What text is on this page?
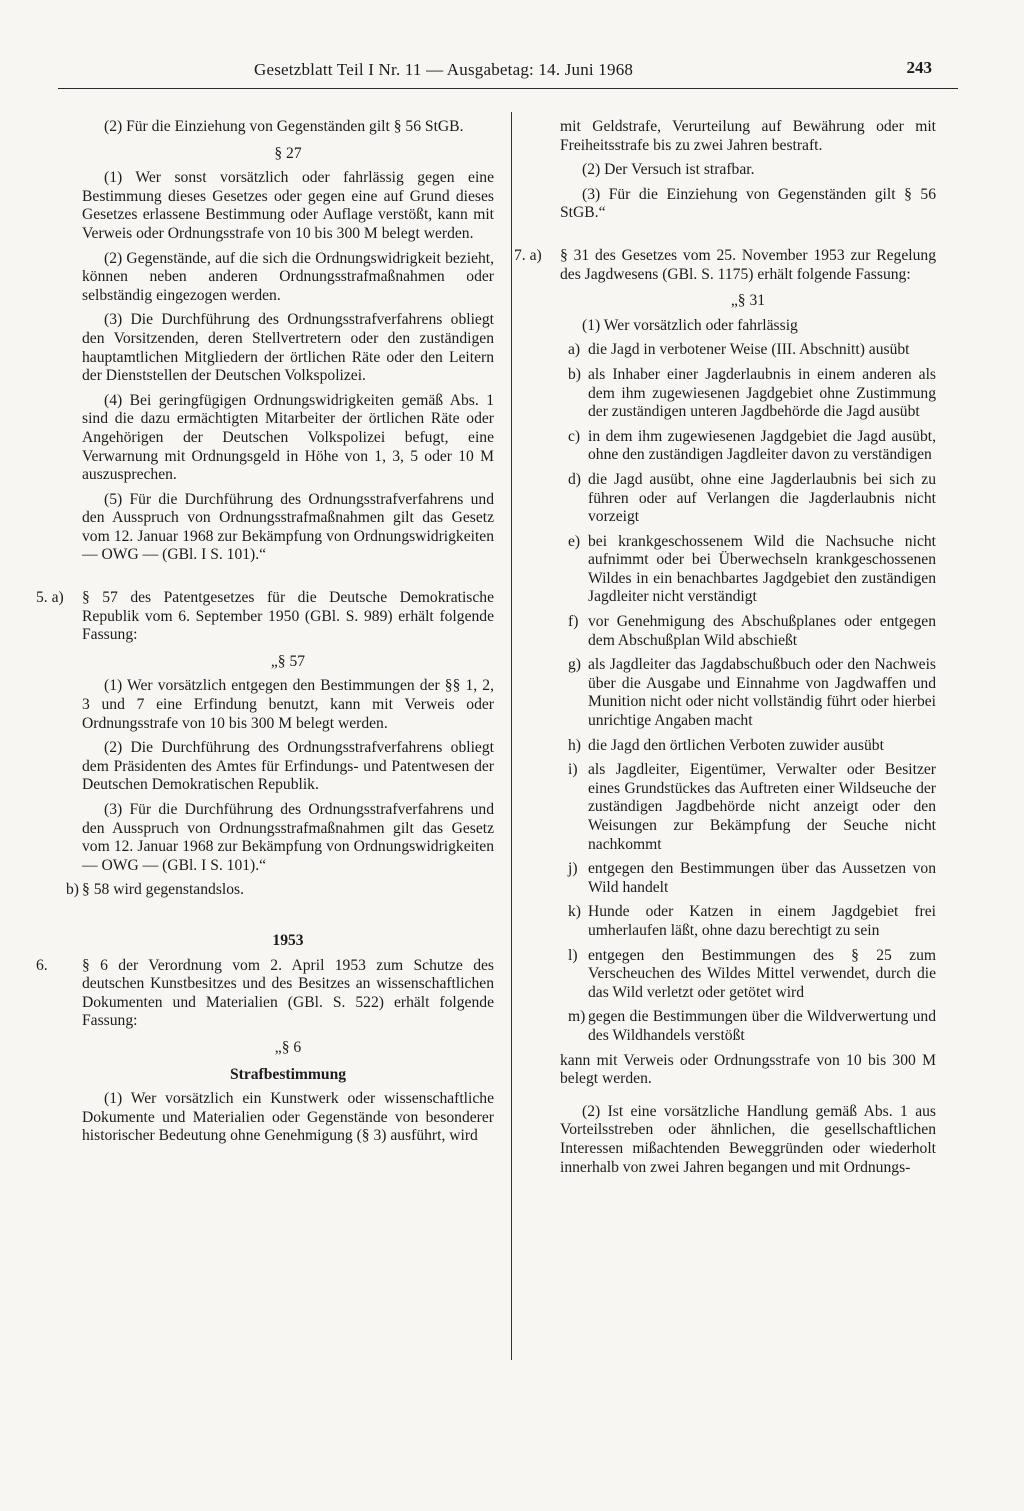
Gesetzblatt Teil I Nr. 11 — Ausgabetag: 14. Juni 1968	243

(2) Für die Einziehung von Gegenständen gilt § 56 StGB.

§ 27

(1) Wer sonst vorsätzlich oder fahrlässig gegen eine Bestimmung dieses Gesetzes oder gegen eine auf Grund dieses Gesetzes erlassene Bestimmung oder Auflage verstößt, kann mit Verweis oder Ordnungsstrafe von 10 bis 300 M belegt werden.

(2) Gegenstände, auf die sich die Ordnungswidrigkeit bezieht, können neben anderen Ordnungsstrafmaßnahmen oder selbständig eingezogen werden.

(3) Die Durchführung des Ordnungsstrafverfahrens obliegt den Vorsitzenden, deren Stellvertretern oder den zuständigen hauptamtlichen Mitgliedern der örtlichen Räte oder den Leitern der Dienststellen der Deutschen Volkspolizei.

(4) Bei geringfügigen Ordnungswidrigkeiten gemäß Abs. 1 sind die dazu ermächtigten Mitarbeiter der örtlichen Räte oder Angehörigen der Deutschen Volkspolizei befugt, eine Verwarnung mit Ordnungsgeld in Höhe von 1, 3, 5 oder 10 M auszusprechen.

(5) Für die Durchführung des Ordnungsstrafverfahrens und den Ausspruch von Ordnungsstrafmaßnahmen gilt das Gesetz vom 12. Januar 1968 zur Bekämpfung von Ordnungswidrigkeiten — OWG — (GBl. I S. 101).“

5. a) § 57 des Patentgesetzes für die Deutsche Demokratische Republik vom 6. September 1950 (GBl. S. 989) erhält folgende Fassung:

„§ 57

(1) Wer vorsätzlich entgegen den Bestimmungen der §§ 1, 2, 3 und 7 eine Erfindung benutzt, kann mit Verweis oder Ordnungsstrafe von 10 bis 300 M belegt werden.

(2) Die Durchführung des Ordnungsstrafverfahrens obliegt dem Präsidenten des Amtes für Erfindungs- und Patentwesen der Deutschen Demokratischen Republik.

(3) Für die Durchführung des Ordnungsstrafverfahrens und den Ausspruch von Ordnungsstrafmaßnahmen gilt das Gesetz vom 12. Januar 1968 zur Bekämpfung von Ordnungswidrigkeiten — OWG — (GBl. I S. 101).“

b) § 58 wird gegenstandslos.

1953

6. § 6 der Verordnung vom 2. April 1953 zum Schutze des deutschen Kunstbesitzes und des Besitzes an wissenschaftlichen Dokumenten und Materialien (GBl. S. 522) erhält folgende Fassung:

„§ 6

Strafbestimmung

(1) Wer vorsätzlich ein Kunstwerk oder wissenschaftliche Dokumente und Materialien oder Gegenstände von besonderer historischer Bedeutung ohne Genehmigung (§ 3) ausführt, wird

mit Geldstrafe, Verurteilung auf Bewährung oder mit Freiheitsstrafe bis zu zwei Jahren bestraft.

(2) Der Versuch ist strafbar.

(3) Für die Einziehung von Gegenständen gilt § 56 StGB.“

7. a) § 31 des Gesetzes vom 25. November 1953 zur Regelung des Jagdwesens (GBl. S. 1175) erhält folgende Fassung:

„§ 31

(1) Wer vorsätzlich oder fahrlässig

a) die Jagd in verbotener Weise (III. Abschnitt) ausübt
b) als Inhaber einer Jagderlaubnis in einem anderen als dem ihm zugewiesenen Jagdgebiet ohne Zustimmung der zuständigen unteren Jagdbehörde die Jagd ausübt
c) in dem ihm zugewiesenen Jagdgebiet die Jagd ausübt, ohne den zuständigen Jagdleiter davon zu verständigen
d) die Jagd ausübt, ohne eine Jagderlaubnis bei sich zu führen oder auf Verlangen die Jagderlaubnis nicht vorzeigt
e) bei krankgeschossenem Wild die Nachsuche nicht aufnimmt oder bei Überwechseln krankgeschossenen Wildes in ein benachbartes Jagdgebiet den zuständigen Jagdleiter nicht verständigt
f) vor Genehmigung des Abschußplanes oder entgegen dem Abschußplan Wild abschießt
g) als Jagdleiter das Jagdabschußbuch oder den Nachweis über die Ausgabe und Einnahme von Jagdwaffen und Munition nicht oder nicht vollständig führt oder hierbei unrichtige Angaben macht
h) die Jagd den örtlichen Verboten zuwider ausübt
i) als Jagdleiter, Eigentümer, Verwalter oder Besitzer eines Grundstückes das Auftreten einer Wildseuche der zuständigen Jagdbehörde nicht anzeigt oder den Weisungen zur Bekämpfung der Seuche nicht nachkommt
j) entgegen den Bestimmungen über das Aussetzen von Wild handelt
k) Hunde oder Katzen in einem Jagdgebiet frei umherlaufen läßt, ohne dazu berechtigt zu sein
l) entgegen den Bestimmungen des § 25 zum Verscheuchen des Wildes Mittel verwendet, durch die das Wild verletzt oder getötet wird
m) gegen die Bestimmungen über die Wildverwertung und des Wildhandels verstößt

kann mit Verweis oder Ordnungsstrafe von 10 bis 300 M belegt werden.

(2) Ist eine vorsätzliche Handlung gemäß Abs. 1 aus Vorteilsstreben oder ähnlichen, die gesellschaftlichen Interessen mißachtenden Beweggründen oder wiederholt innerhalb von zwei Jahren begangen und mit Ordnungs-
